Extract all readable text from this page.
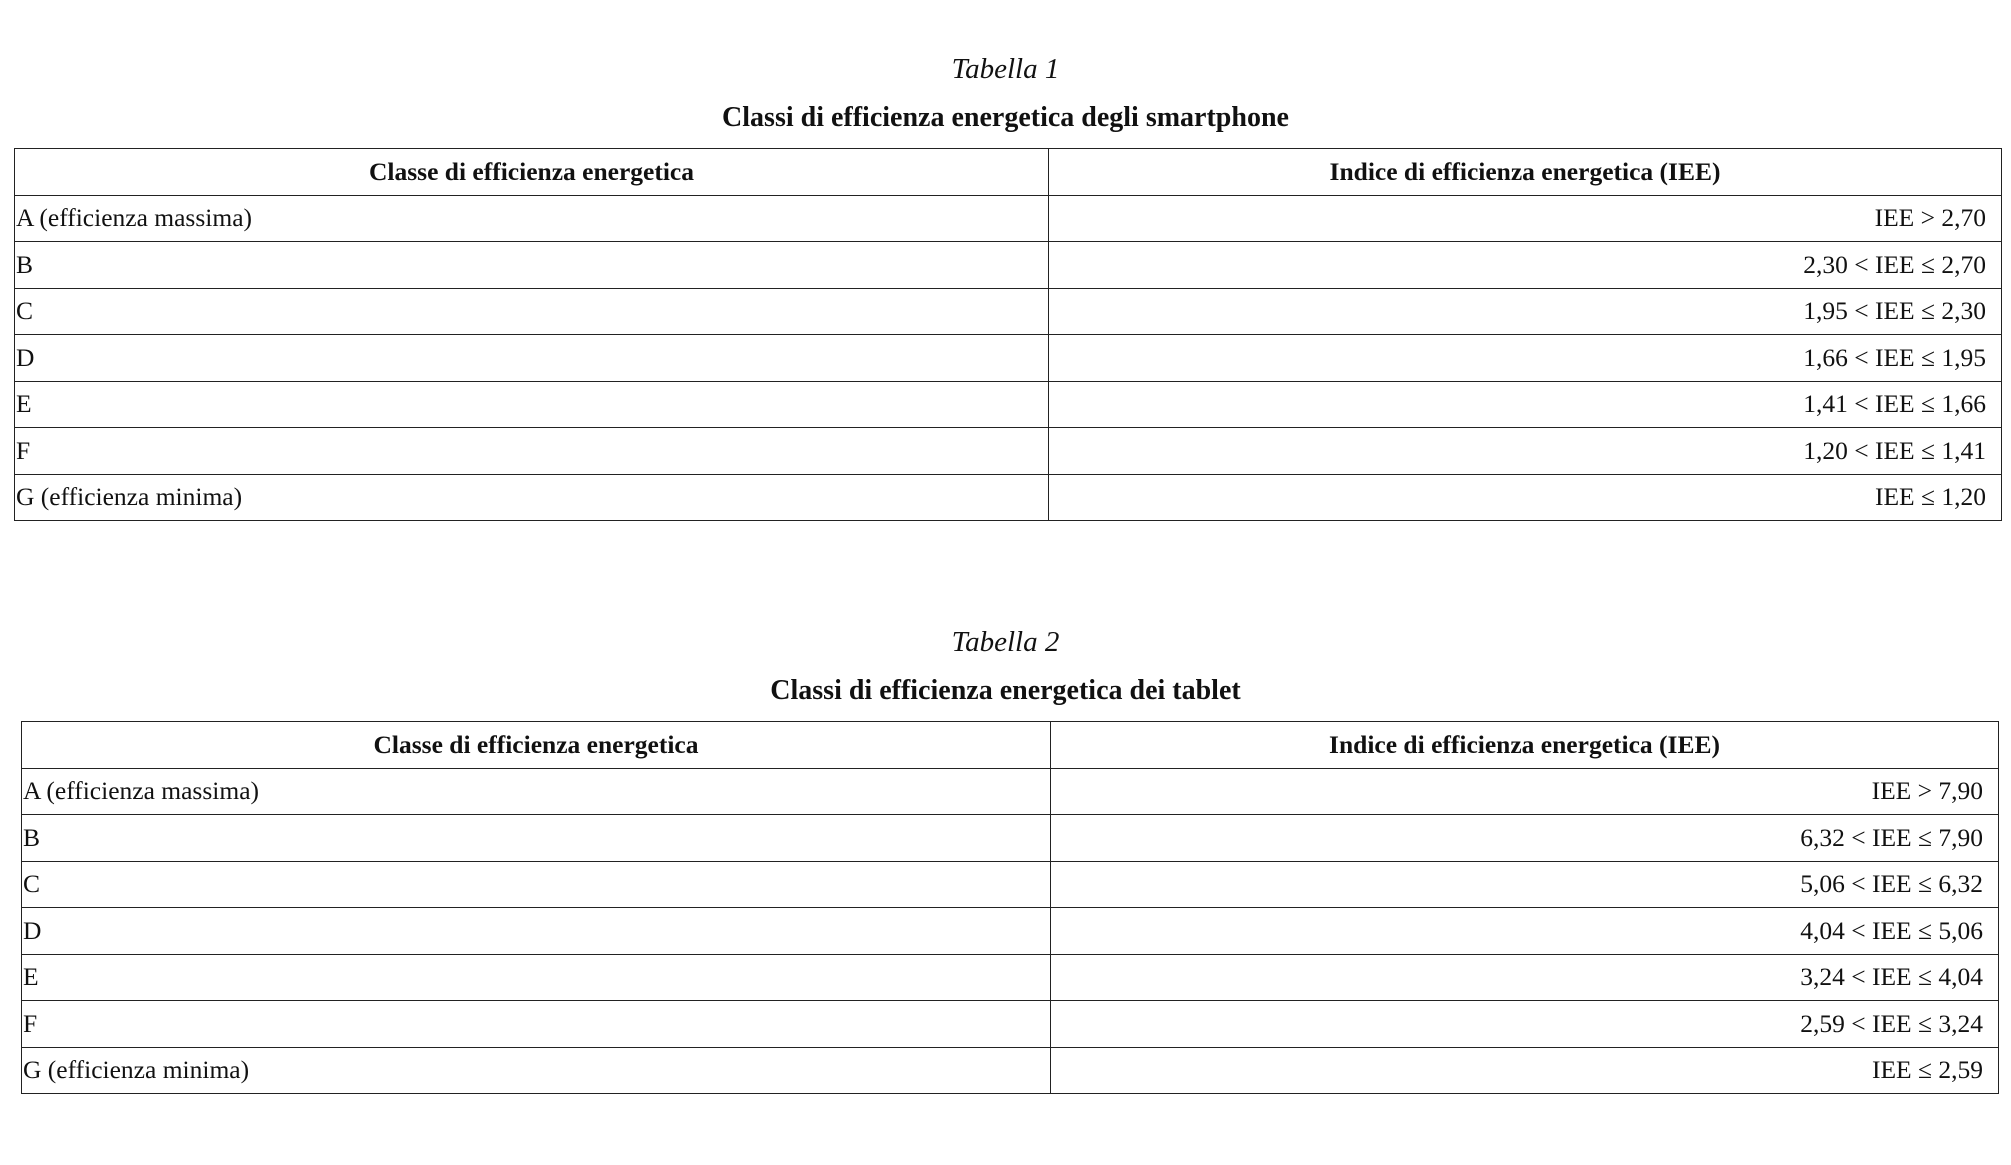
Tabella 1
Classi di efficienza energetica degli smartphone
Classe di efficienza energetica	Indice di efficienza energetica (IEE)
A (efficienza massima)	IEE > 2,70
B	2,30 < IEE ≤ 2,70
C	1,95 < IEE ≤ 2,30
D	1,66 < IEE ≤ 1,95
E	1,41 < IEE ≤ 1,66
F	1,20 < IEE ≤ 1,41
G (efficienza minima)	IEE ≤ 1,20
Tabella 2
Classi di efficienza energetica dei tablet
Classe di efficienza energetica	Indice di efficienza energetica (IEE)
A (efficienza massima)	IEE > 7,90
B	6,32 < IEE ≤ 7,90
C	5,06 < IEE ≤ 6,32
D	4,04 < IEE ≤ 5,06
E	3,24 < IEE ≤ 4,04
F	2,59 < IEE ≤ 3,24
G (efficienza minima)	IEE ≤ 2,59
